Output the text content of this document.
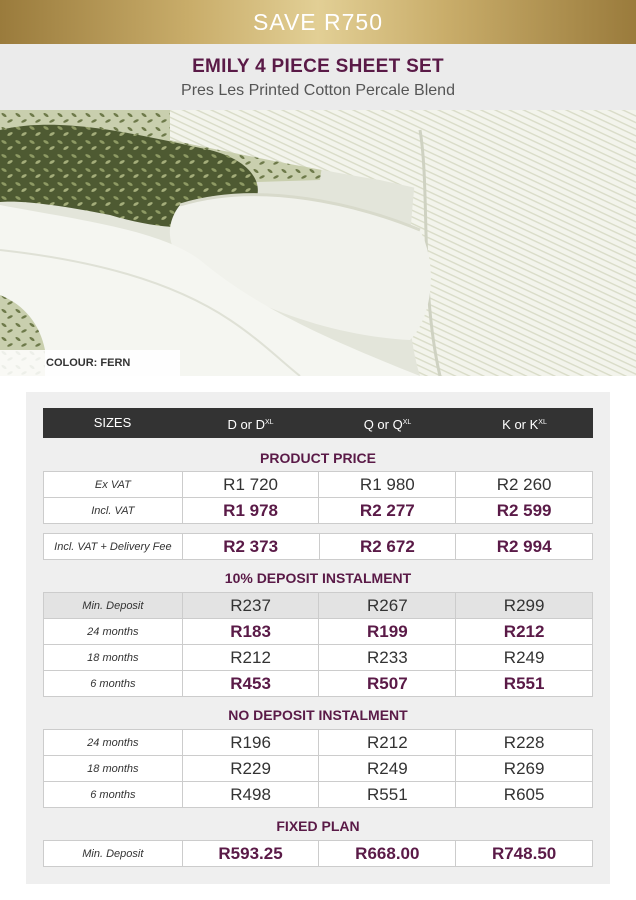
SAVE R750
EMILY 4 PIECE SHEET SET
Pres Les Printed Cotton Percale Blend
COLOUR: FERN
SIZES	D or $D^{XL}$	Q or $Q^{XL}$	K or $K^{XL}$
PRODUCT PRICE
Ex VAT	R1 720	R1 980	R2 260
Incl. VAT	R1 978	R2 277	R2 599
Incl. VAT + Delivery Fee	R2 373	R2 672	R2 994
10% DEPOSIT INSTALMENT
Min. Deposit	R237	R267	R299
24 months	R183	R199	R212
18 months	R212	R233	R249
6 months	R453	R507	R551
NO DEPOSIT INSTALMENT
24 months	R196	R212	R228
18 months	R229	R249	R269
6 months	R498	R551	R605
FIXED PLAN
Min. Deposit	R593.25	R668.00	R748.50
